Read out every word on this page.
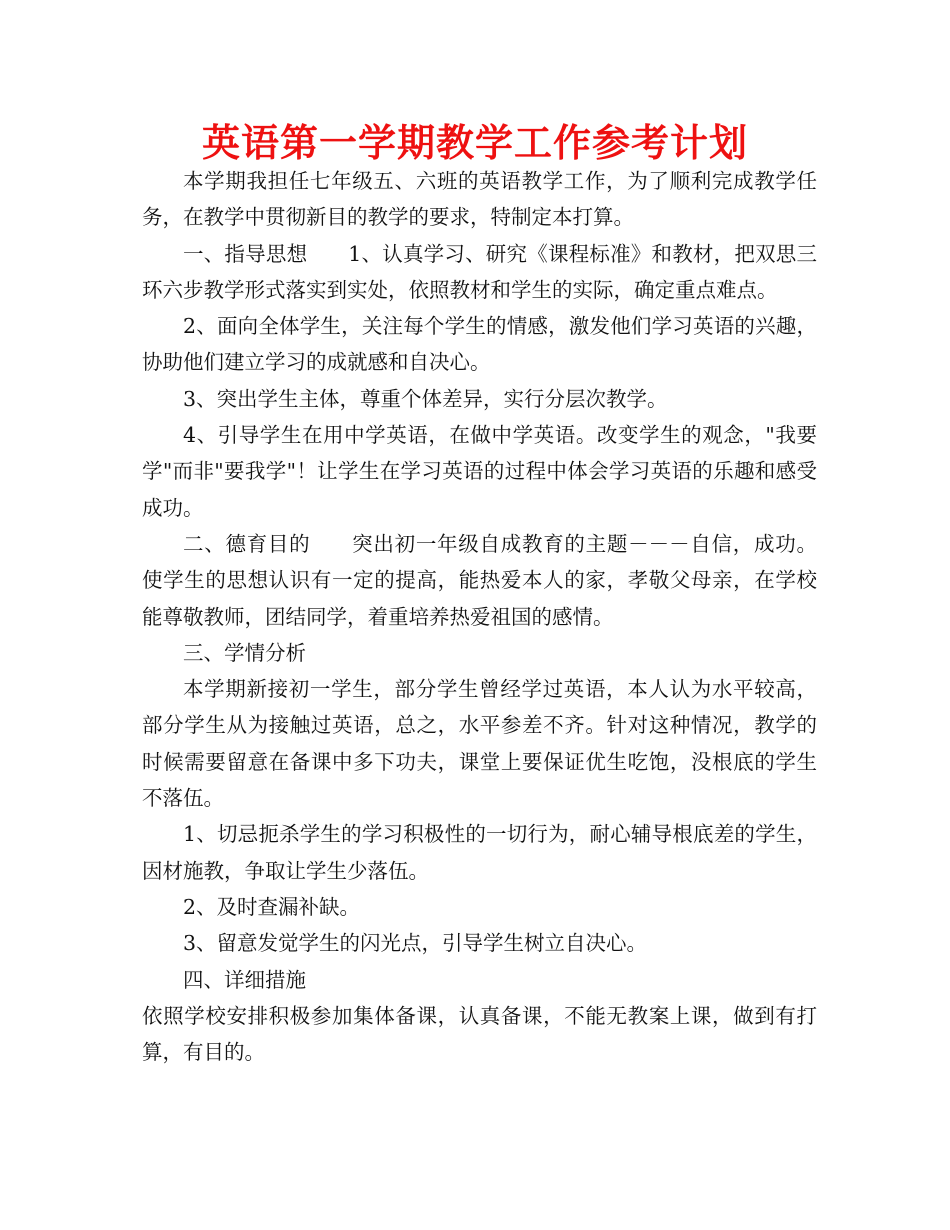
英语第一学期教学工作参考计划

本学期我担任七年级五、六班的英语教学工作，为了顺利完成教学任务，在教学中贯彻新目的教学的要求，特制定本打算。

一、指导思想 1、认真学习、研究《课程标准》和教材，把双思三环六步教学形式落实到实处，依照教材和学生的实际，确定重点难点。

2、面向全体学生，关注每个学生的情感，激发他们学习英语的兴趣，协助他们建立学习的成就感和自决心。

3、突出学生主体，尊重个体差异，实行分层次教学。

4、引导学生在用中学英语，在做中学英语。改变学生的观念，"我要学"而非"要我学"！让学生在学习英语的过程中体会学习英语的乐趣和感受成功。

二、德育目的 突出初一年级自成教育的主题－－－自信，成功。使学生的思想认识有一定的提高，能热爱本人的家，孝敬父母亲，在学校能尊敬教师，团结同学，着重培养热爱祖国的感情。

三、学情分析

本学期新接初一学生，部分学生曾经学过英语，本人认为水平较高，部分学生从为接触过英语，总之，水平参差不齐。针对这种情况，教学的时候需要留意在备课中多下功夫，课堂上要保证优生吃饱，没根底的学生不落伍。

1、切忌扼杀学生的学习积极性的一切行为，耐心辅导根底差的学生，因材施教，争取让学生少落伍。

2、及时查漏补缺。

3、留意发觉学生的闪光点，引导学生树立自决心。

四、详细措施

依照学校安排积极参加集体备课，认真备课，不能无教案上课，做到有打算，有目的。
